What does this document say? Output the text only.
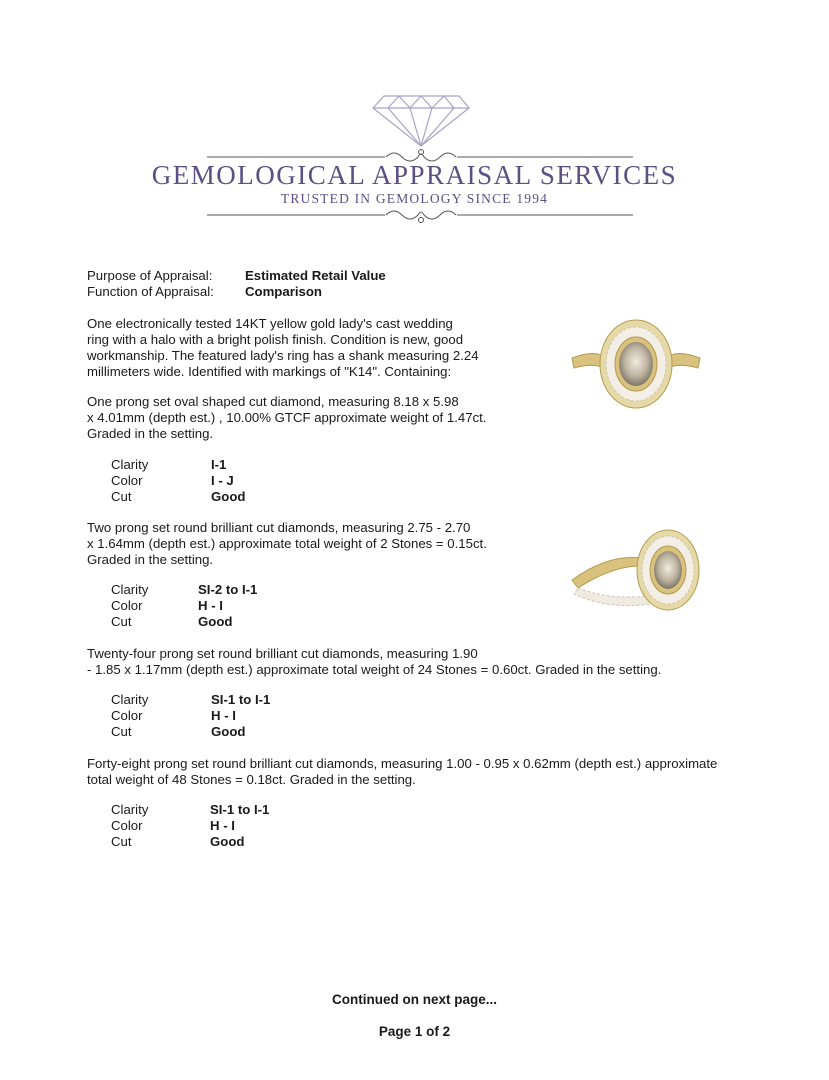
GEMOLOGICAL APPRAISAL SERVICES
TRUSTED IN GEMOLOGY SINCE 1994
Purpose of Appraisal: Estimated Retail Value
Function of Appraisal: Comparison
One electronically tested 14KT yellow gold lady's cast wedding
ring with a halo with a bright polish finish. Condition is new, good
workmanship. The featured lady's ring has a shank measuring 2.24
millimeters wide. Identified with markings of "K14". Containing:
One prong set oval shaped cut diamond, measuring 8.18 x 5.98
x 4.01mm (depth est.) , 10.00% GTCF approximate weight of 1.47ct.
Graded in the setting.
Clarity	I-1
Color	I - J
Cut	Good
Two prong set round brilliant cut diamonds, measuring 2.75 - 2.70
x 1.64mm (depth est.) approximate total weight of 2 Stones = 0.15ct.
Graded in the setting.
Clarity	SI-2 to I-1
Color	H - I
Cut	Good
Twenty-four prong set round brilliant cut diamonds, measuring 1.90
- 1.85 x 1.17mm (depth est.) approximate total weight of 24 Stones = 0.60ct. Graded in the setting.
Clarity	SI-1 to I-1
Color	H - I
Cut	Good
Forty-eight prong set round brilliant cut diamonds, measuring 1.00 - 0.95 x 0.62mm (depth est.) approximate
total weight of 48 Stones = 0.18ct. Graded in the setting.
Clarity	SI-1 to I-1
Color	H - I
Cut	Good
Continued on next page...
Page 1 of 2
